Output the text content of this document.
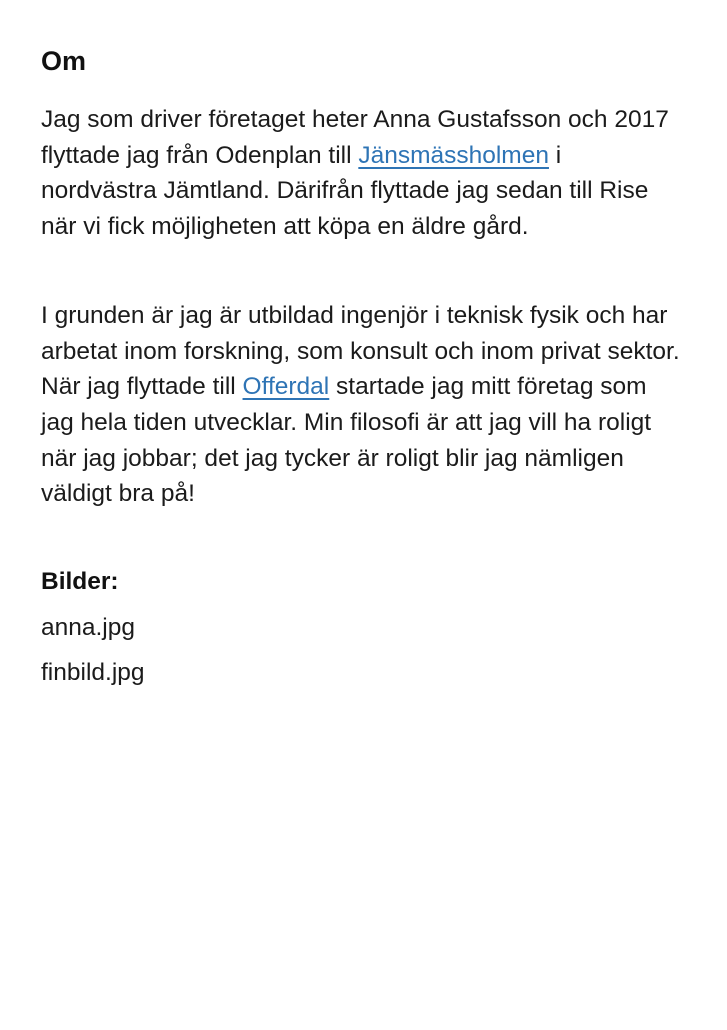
Om

Jag som driver företaget heter Anna Gustafsson och 2017 flyttade jag från Odenplan till Jänsmässholmen i nordvästra Jämtland. Därifrån flyttade jag sedan till Rise när vi fick möjligheten att köpa en äldre gård.

I grunden är jag är utbildad ingenjör i teknisk fysik och har arbetat inom forskning, som konsult och inom privat sektor. När jag flyttade till Offerdal startade jag mitt företag som jag hela tiden utvecklar. Min filosofi är att jag vill ha roligt när jag jobbar; det jag tycker är roligt blir jag nämligen väldigt bra på!

Bilder:

anna.jpg

finbild.jpg
